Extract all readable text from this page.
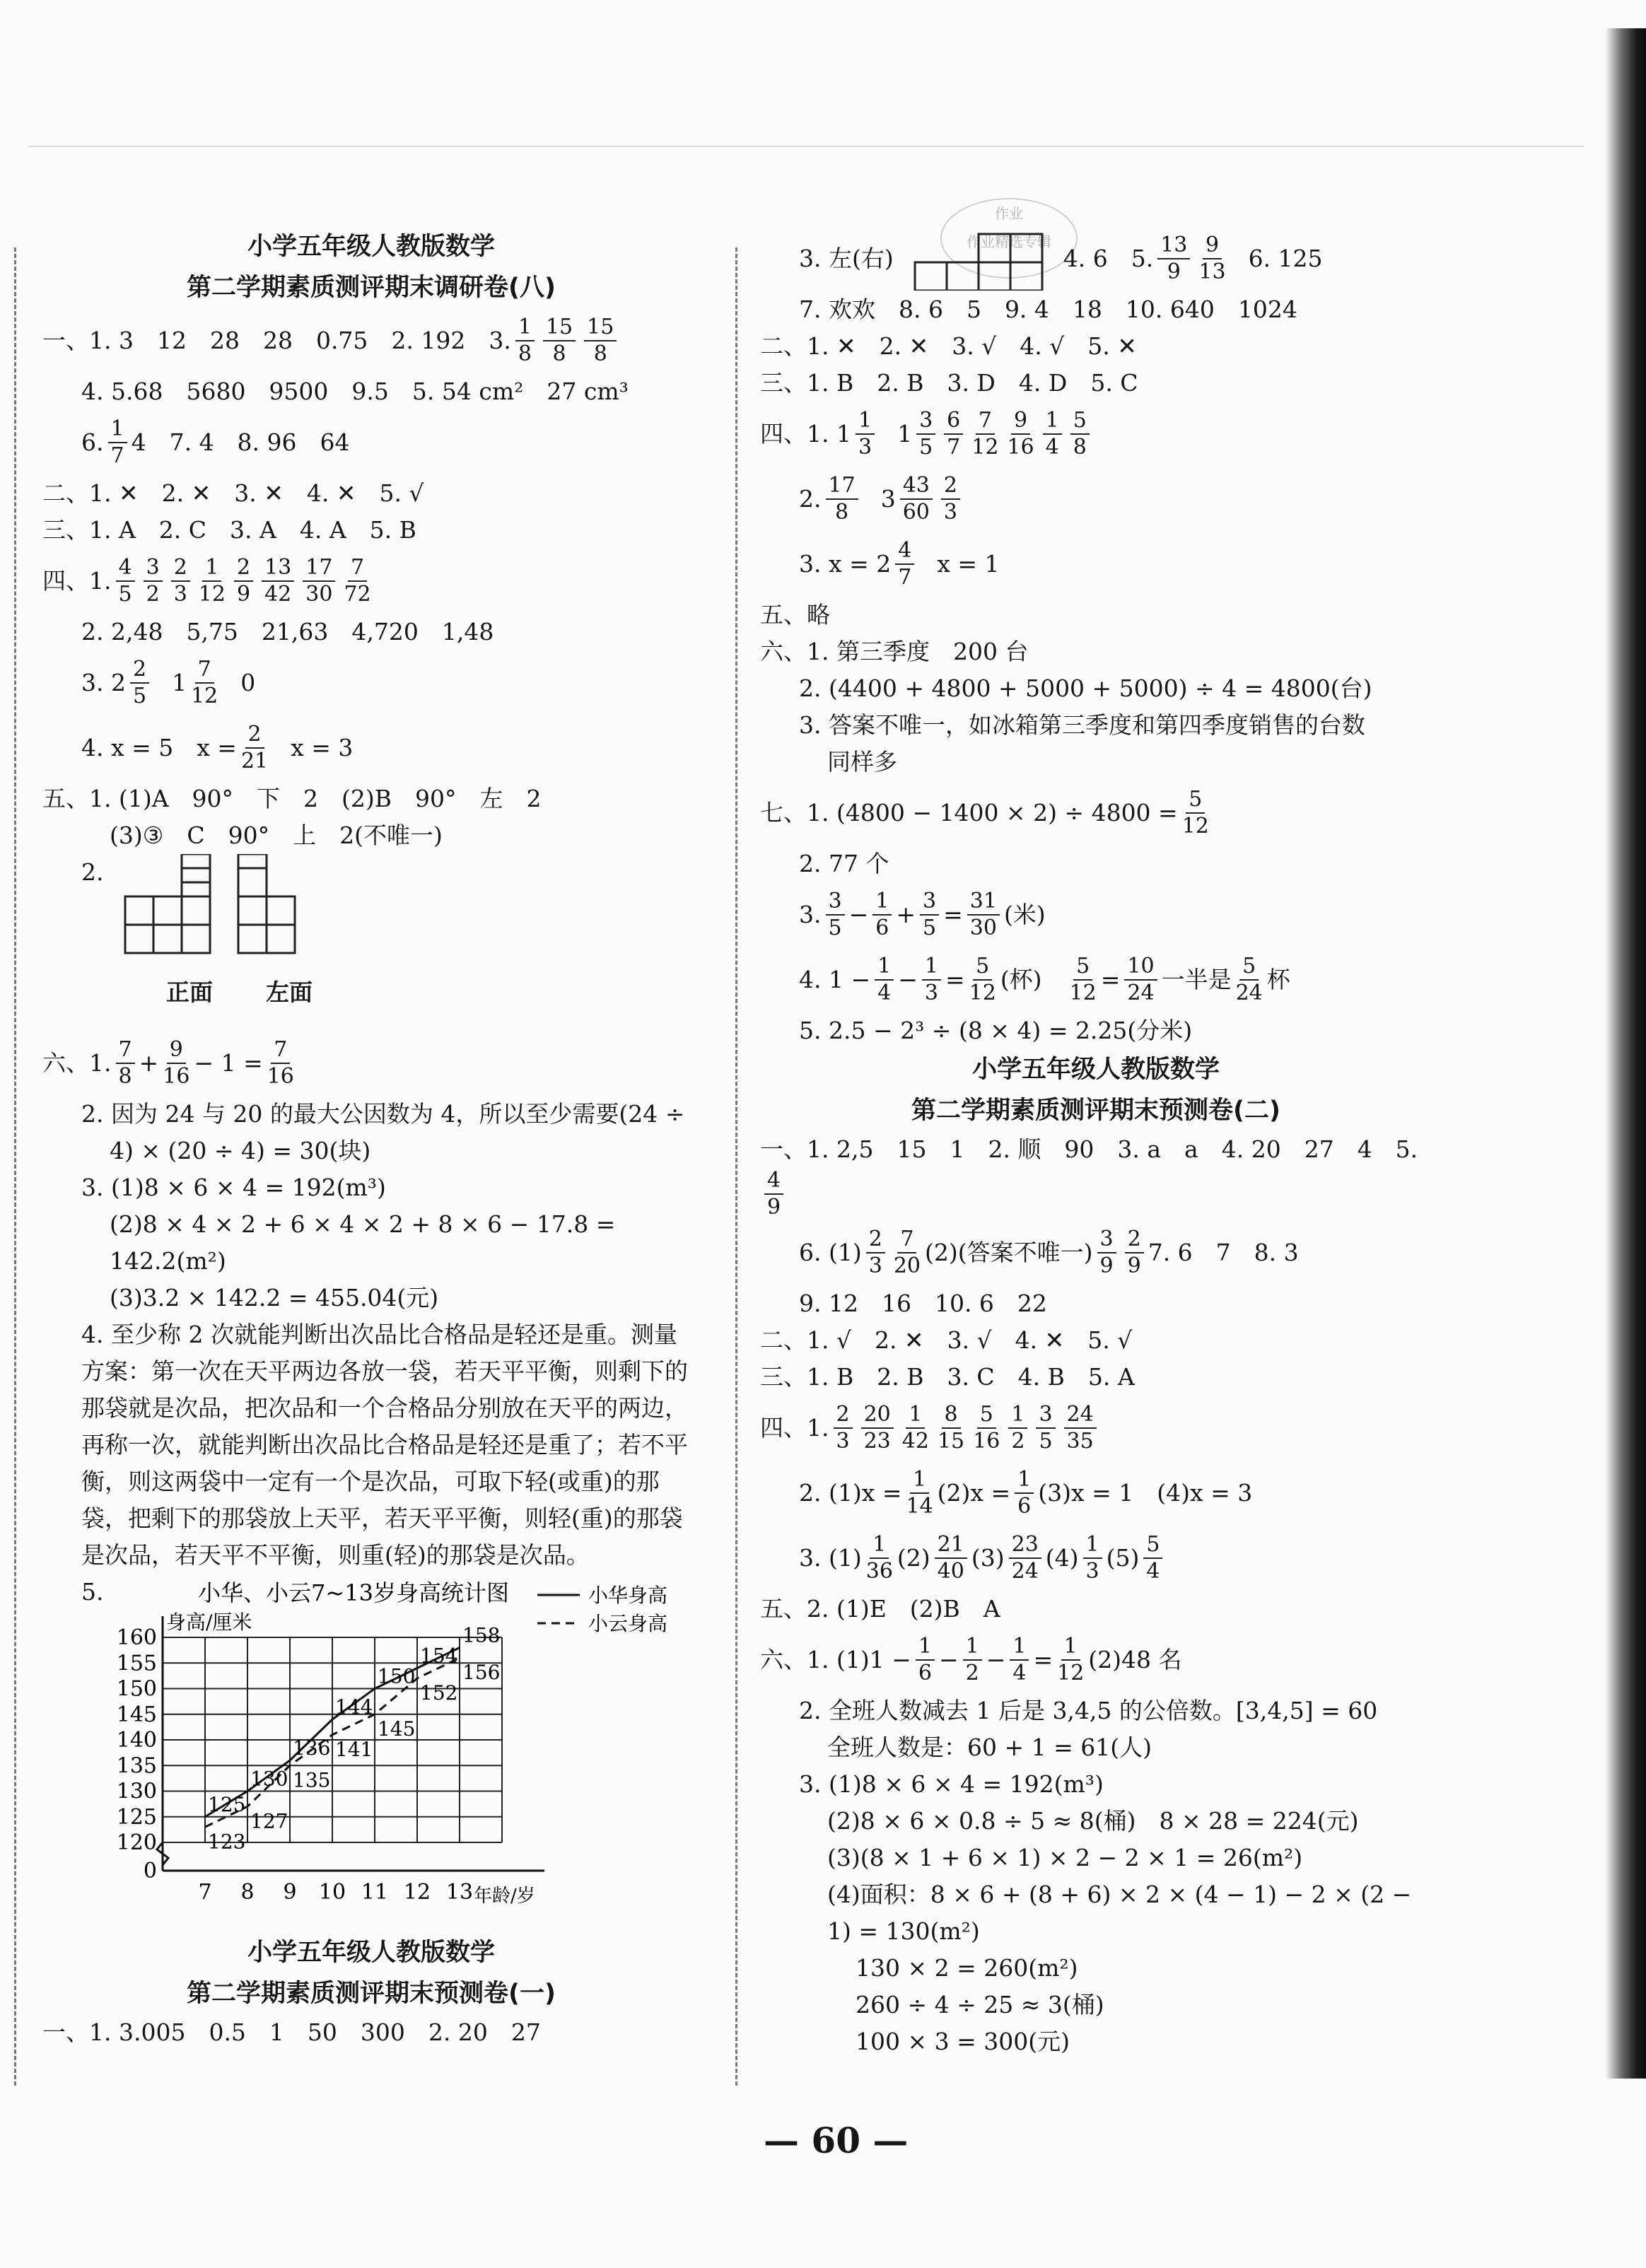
作业
作业精选专辑
小学五年级人教版数学
第二学期素质测评期末调研卷(八)
一、1. 3　12　28　28　0.75　2. 192　3. $\frac{1}{8} \frac{15}{8} \frac{15}{8}$
4. 5.68　5680　9500　9.5　5. 54 cm²　27 cm³
6. $\frac{1}{7} 4$　7. 4　8. 96　64
二、1. ✕　2. ✕　3. ✕　4. ✕　5. √
三、1. A　2. C　3. A　4. A　5. B
四、1. $\frac{4}{5} \frac{3}{2} \frac{2}{3} \frac{1}{12} \frac{2}{9} \frac{13}{42} \frac{17}{30} \frac{7}{72}$
2. 2,48　5,75　21,63　4,720　1,48
3. $2 \frac{2}{5} 1 \frac{7}{12} 0$
4. x = 5　$x = \frac{2}{21}$ x = 3
五、1. (1)A　90°　下　2　(2)B　90°　左　2
(3)③　C　90°　上　2(不唯一)
2.
正面 左面
六、1. $\frac{7}{8} + \frac{9}{16} - 1 = \frac{7}{16}$
2. 因为 24 与 20 的最大公因数为 4，所以至少需要(24 ÷
4) × (20 ÷ 4) = 30(块)
3. (1)8 × 6 × 4 = 192(m³)
(2)8 × 4 × 2 + 6 × 4 × 2 + 8 × 6 − 17.8 = 142.2(m²)
(3)3.2 × 142.2 = 455.04(元)
4. 至少称 2 次就能判断出次品比合格品是轻还是重。测量方案：第一次在天平两边各放一袋，若天平平衡，则剩下的那袋就是次品，把次品和一个合格品分别放在天平的两边，再称一次，就能判断出次品比合格品是轻还是重了；若不平衡，则这两袋中一定有一个是次品，可取下轻(或重)的那袋，把剩下的那袋放上天平，若天平平衡，则轻(重)的那袋是次品，若天平不平衡，则重(轻)的那袋是次品。
5.	小华、小云7~13岁身高统计图
身高/厘米
120
125
130
135
140
145
150
155
160
0
7 8 9 10 11 12 13 年龄/岁
125
130
136
144
150
154
158
123
127
135
141
145
152
156
小华身高
小云身高
小学五年级人教版数学
第二学期素质测评期末预测卷(一)
一、1. 3.005　0.5　1　50　300　2. 20　27
3. 左(右)	4. 6　5. $\frac{13}{9} \frac{9}{13} 6$. 125
7. 欢欢　8. 6　5　9. 4　18　10. 640　1024
二、1. ✕　2. ✕　3. √　4. √　5. ✕
三、1. B　2. B　3. D　4. D　5. C
四、1. $1 \frac{1}{3} 1 \frac{3}{5} \frac{6}{7} \frac{7}{12} \frac{9}{16} \frac{1}{4} \frac{5}{8}$
2. $\frac{17}{8} 3 \frac{43}{60} \frac{2}{3}$
3. $x = 2 \frac{4}{7}$ x = 1
五、略
六、1. 第三季度　200 台
2. (4400 + 4800 + 5000 + 5000) ÷ 4 = 4800(台)
3. 答案不唯一，如冰箱第三季度和第四季度销售的台数
同样多
七、1. $(4800 - 1400 \times 2) \div 4800 = \frac{5}{12}$
2. 77 个
3. $\frac{3}{5} - \frac{1}{6} + \frac{3}{5} = \frac{31}{30}$ (米)
4. $1 - \frac{1}{4} - \frac{1}{3} = \frac{5}{12}$ (杯)　 $\frac{5}{12} = \frac{10}{24}$ 一半是 $\frac{5}{24}$ 杯
5. 2.5 − 2³ ÷ (8 × 4) = 2.25(分米)
小学五年级人教版数学
第二学期素质测评期末预测卷(二)
一、1. 2,5　15　1　2. 顺　90　3. a　a　4. 20　27　4　5.
$\frac{4}{9}$
6. $(1) \frac{2}{3} \frac{7}{20} (2)$(答案不唯一) $\frac{3}{9} \frac{2}{9} 7$. 6　7　8. 3
9. 12　16　10. 6　22
二、1. √　2. ✕　3. √　4. ✕　5. √
三、1. B　2. B　3. C　4. B　5. A
四、1. $\frac{2}{3} \frac{20}{23} \frac{1}{42} \frac{8}{15} \frac{5}{16} \frac{1}{2} \frac{3}{5} \frac{24}{35}$
2. $(1)x = \frac{1}{14} (2)x = \frac{1}{6} (3)x = 1$　(4)x = 3
3. $(1) \frac{1}{36} (2) \frac{21}{40} (3) \frac{23}{24} (4) \frac{1}{3} (5) \frac{5}{4}$
五、2. (1)E　(2)B　A
六、1. $(1)1 - \frac{1}{6} - \frac{1}{2} - \frac{1}{4} = \frac{1}{12} (2)48$ 名
2. 全班人数减去 1 后是 3,4,5 的公倍数。[3,4,5] = 60
全班人数是：60 + 1 = 61(人)
3. (1)8 × 6 × 4 = 192(m³)
(2)8 × 6 × 0.8 ÷ 5 ≈ 8(桶)　8 × 28 = 224(元)
(3)(8 × 1 + 6 × 1) × 2 − 2 × 1 = 26(m²)
(4)面积：8 × 6 + (8 + 6) × 2 × (4 − 1) − 2 × (2 − 1) = 130(m²)
130 × 2 = 260(m²)
260 ÷ 4 ÷ 25 ≈ 3(桶)
100 × 3 = 300(元)
— 60 —
